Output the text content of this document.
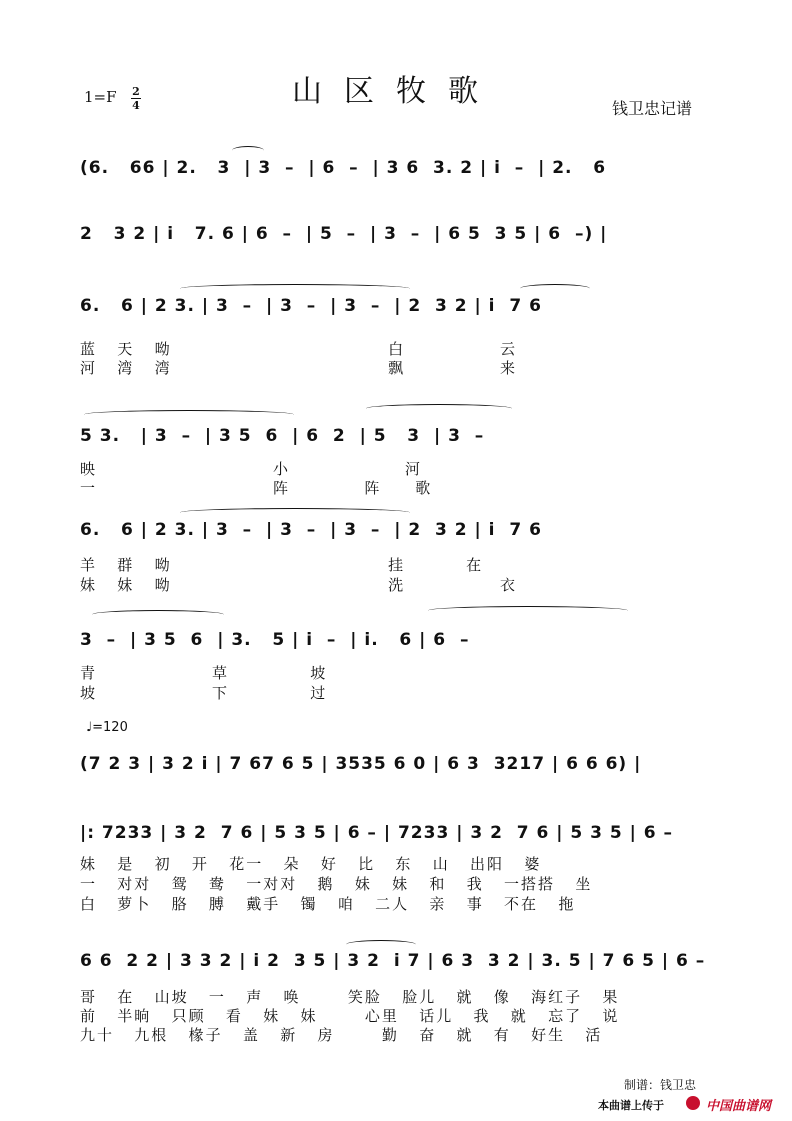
山区牧歌
1=F 2
4	钱卫忠记谱
(6.   66 | 2.   3  | 3  –  | 6  –  | 3 6  3. 2 | i  –  | 2.   6
2   3 2 | i   7. 6 | 6  –  | 5  –  | 3  –  | 6 5  3 5 | 6  –) |
6.   6 | 2 3. | 3  –  | 3  –  | 3  –  | 2  3 2 | i  7 6
蓝   天   呦                                白              云
河   湾   湾                                飘              来
5 3.   | 3  –  | 3 5  6  | 6  2  | 5   3  | 3  –
映                          小                 河
一                          阵           阵     歌
6.   6 | 2 3. | 3  –  | 3  –  | 3  –  | 2  3 2 | i  7 6
羊   群   呦                                挂         在
妹   妹   呦                                洗              衣
3  –  | 3 5  6  | 3.   5 | i  –  | i.   6 | 6  –
青                 草            坡
坡                 下            过
♩=120
(7 2 3 | 3 2 i | 7 67 6 5 | 3535 6 0 | 6 3  3217 | 6 6 6) |
|: 7233 | 3 2  7 6 | 5 3 5 | 6 – | 7233 | 3 2  7 6 | 5 3 5 | 6 –
妹   是   初   开   花一   朵   好   比   东   山   出阳   婆
一   对对   鸳   鸯   一对对   鹅   妹   妹   和   我   一搭搭   坐
白   萝卜   胳   膊   戴手   镯   咱   二人   亲   事   不在   拖
6 6  2 2 | 3 3 2 | i 2  3 5 | 3 2  i 7 | 6 3  3 2 | 3. 5 | 7 6 5 | 6 –
哥   在   山坡   一   声   唤       笑脸   脸儿   就   像   海红子   果
前   半晌   只顾   看   妹   妹       心里   话儿   我   就   忘了   说
九十   九根   椽子   盖   新   房       勤   奋   就   有   好生   活
制谱：钱卫忠
本曲谱上传于	中国曲谱网
